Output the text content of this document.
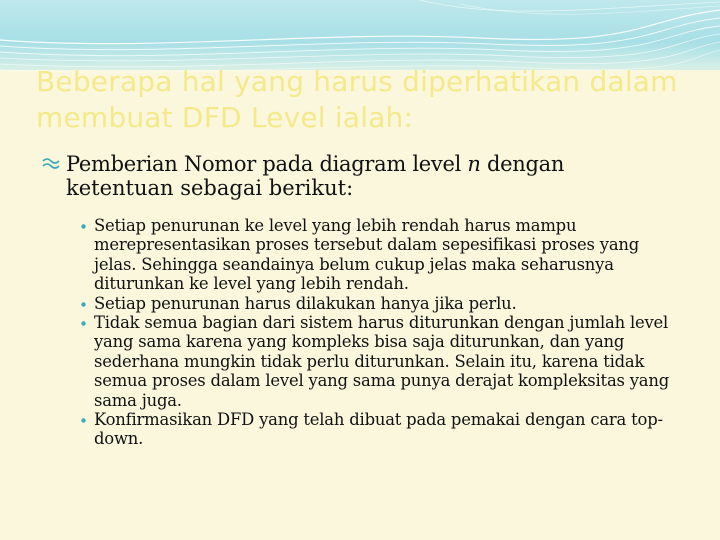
Beberapa hal yang harus diperhatikan dalam membuat DFD Level ialah:
Pemberian Nomor pada diagram level n dengan
ketentuan sebagai berikut:
Setiap penurunan ke level yang lebih rendah harus mampu merepresentasikan proses tersebut dalam sepesifikasi proses yang jelas. Sehingga seandainya belum cukup jelas maka seharusnya diturunkan ke level yang lebih rendah.
Setiap penurunan harus dilakukan hanya jika perlu.
Tidak semua bagian dari sistem harus diturunkan dengan jumlah level yang sama karena yang kompleks bisa saja diturunkan, dan yang sederhana mungkin tidak perlu diturunkan. Selain itu, karena tidak semua proses dalam level yang sama punya derajat kompleksitas yang sama juga.
Konfirmasikan DFD yang telah dibuat pada pemakai dengan cara top-down.
